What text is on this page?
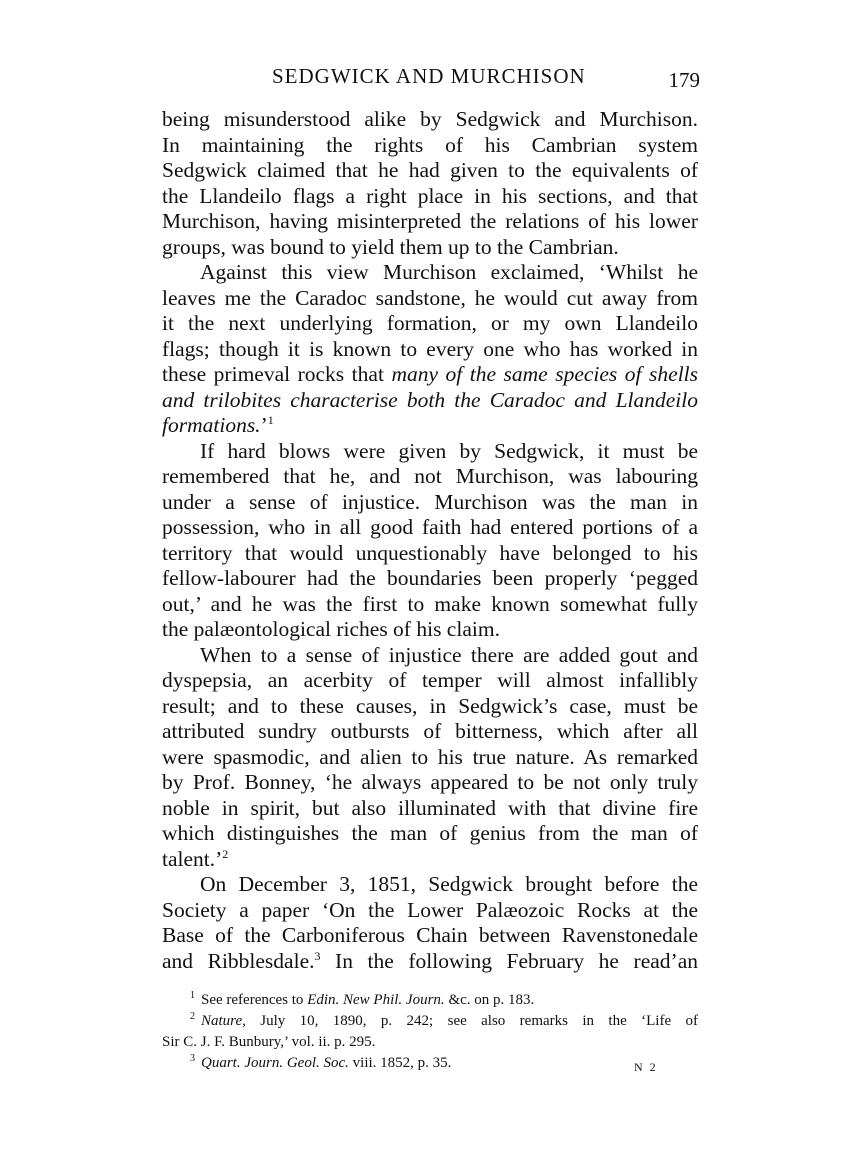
SEDGWICK AND MURCHISON	179
being misunderstood alike by Sedgwick and Murchison.
In maintaining the rights of his Cambrian system
Sedgwick claimed that he had given to the equivalents of
the Llandeilo flags a right place in his sections, and that
Murchison, having misinterpreted the relations of his lower
groups, was bound to yield them up to the Cambrian.
Against this view Murchison exclaimed, ‘Whilst he
leaves me the Caradoc sandstone, he would cut away from
it the next underlying formation, or my own Llandeilo
flags; though it is known to every one who has worked in
these primeval rocks that many of the same species of shells
and trilobites characterise both the Caradoc and Llandeilo
formations.’$^1$
If hard blows were given by Sedgwick, it must be
remembered that he, and not Murchison, was labouring
under a sense of injustice. Murchison was the man in
possession, who in all good faith had entered portions of a
territory that would unquestionably have belonged to his
fellow-labourer had the boundaries been properly ‘pegged
out,’ and he was the first to make known somewhat fully
the palæontological riches of his claim.
When to a sense of injustice there are added gout and
dyspepsia, an acerbity of temper will almost infallibly
result; and to these causes, in Sedgwick’s case, must be
attributed sundry outbursts of bitterness, which after all
were spasmodic, and alien to his true nature. As remarked
by Prof. Bonney, ‘he always appeared to be not only truly
noble in spirit, but also illuminated with that divine fire
which distinguishes the man of genius from the man of
talent.’$^2$
On December 3, 1851, Sedgwick brought before the
Society a paper ‘On the Lower Palæozoic Rocks at the
Base of the Carboniferous Chain between Ravenstonedale
and Ribblesdale.$^3$ In the following February he read’an
$^1$ See references to Edin. New Phil. Journ. &c. on p. 183.
$^2$ Nature, July 10, 1890, p. 242; see also remarks in the ‘Life of
Sir C. J. F. Bunbury,’ vol. ii. p. 295.
$^3$ Quart. Journ. Geol. Soc. viii. 1852, p. 35.	N 2
